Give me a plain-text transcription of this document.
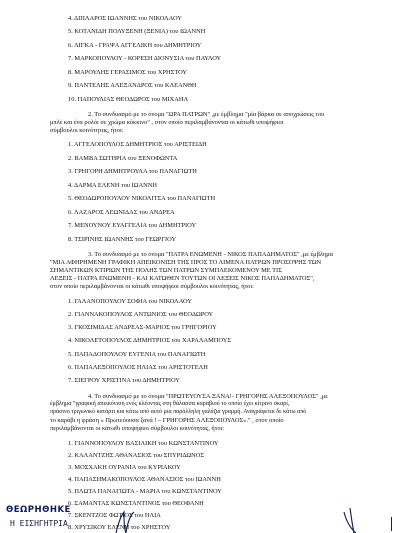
4. ΔΙΠΛΑΡΟΣ ΙΩΑΝΝΗΣ του ΝΙΚΟΛΑΟΥ
5. ΚΟΤΑΝΙΔΗ ΠΟΛΥΞΕΝΗ (ΞΕΝΙΑ) του ΙΩΑΝΝΗ
6. ΛΙΓΚΑ - ΓΡΑΨΑ ΑΓΓΕΛΙΚΗ του ΔΗΜΗΤΡΙΟΥ
7. ΜΑΡΚΟΠΟΥΛΟΥ - ΚΟΡΕΣΗ ΔΙΟΝΥΣΙΑ του ΠΑΥΛΟΥ
8. ΜΑΡΟΥΛΗΣ ΓΕΡΑΣΙΜΟΣ του ΧΡΗΣΤΟΥ
9. ΠΑΝΤΕΛΗΣ ΑΛΕΞΑΝΔΡΟΣ του ΚΛΕΑΝΘΗ
10. ΠΑΠΟΥΛΙΑΣ ΘΕΟΔΩΡΟΣ του ΜΙΧΑΗΛ
2. Το συνδυασμό με το όνομα "ΩΡΑ ΠΑΤΡΩΝ" ,με έμβλημα "μία βάρκα σε αποχρώσεις του
μπλε και ένα ρολόι σε χρώμα κόκκινο" , στον οποίο περιλαμβάνονται οι κάτωθι υποψήφιοι
σύμβουλοι κοινότητας, ήτοι:
1. ΑΓΓΕΛΟΠΟΥΛΟΣ ΔΗΜΗΤΡΙΟΣ του ΑΡΙΣΤΕΙΔΗ
2. ΒΑΜΒΑ ΣΩΤΗΡΙΑ του ΞΕΝΟΦΩΝΤΑ
3. ΓΡΗΓΟΡΗ ΔΗΜΗΤΡΟΥΛΑ του ΠΑΝΑΓΙΩΤΗ
4. ΔΑΡΜΑ ΕΛΕΝΗ του ΙΩΑΝΝΗ
5. ΘΕΟΔΩΡΟΠΟΥΛΟΥ ΝΙΚΟΛΙΤΣΑ του ΠΑΝΑΓΙΩΤΗ
6. ΛΑΖΑΡΟΣ ΛΕΩΝΙΔΑΣ του ΑΝΔΡΕΑ
7. ΜΕΝΟΥΝΟΥ ΕΥΑΓΓΕΛΙΑ του ΔΗΜΗΤΡΙΟΥ
8. ΤΣΙΡΙΝΗΣ ΙΩΑΝΝΗΣ του ΓΕΩΡΓΙΟΥ
3. Το συνδυασμό με το όνομα "ΠΑΤΡΑ ΕΝΩΜΕΝΗ - ΝΙΚΟΣ ΠΑΠΑΔΗΜΑΤΟΣ" ,με έμβλημα
"ΜΙΑ ΑΦΗΡΗΜΕΝΗ ΓΡΑΦΙΚΗ ΑΠΕΙΚΟΝΙΣΗ ΤΗΣ ΠΡΟΣ ΤΟ ΛΙΜΕΝΑ ΠΑΤΡΩΝ ΠΡΟΣΟΨΗΣ ΤΩΝ
ΣΗΜΑΝΤΙΚΩΝ ΚΤΙΡΙΩΝ ΤΗΣ ΠΟΛΗΣ ΤΩΝ ΠΑΤΡΩΝ ΣΥΜΠΛΕΚΟΜΕΝΟΥ ΜΕ ΤΙΣ
ΛΕΞΕΙΣ - ΠΑΤΡΑ ΕΝΩΜΕΝΗ - ΚΑΙ ΚΑΤΩΘΕΝ ΤΟΥΤΩΝ ΟΙ ΛΕΞΕΙΣ ΝΙΚΟΣ ΠΑΠΑΔΗΜΑΤΟΣ",
στον οποίο περιλαμβάνονται οι κάτωθι υποψήφιοι σύμβουλοι κοινότητας, ήτοι:
1. ΓΑΛΑΝΟΠΟΥΛΟΥ ΣΟΦΙΑ του ΝΙΚΟΛΑΟΥ
2. ΓΙΑΝΝΑΚΟΠΟΥΛΟΣ ΑΝΤΩΝΙΟΣ του ΘΕΟΔΩΡΟΥ
3. ΓΚΟΣΙΜΙΔΑΣ ΑΝΔΡΕΑΣ-ΜΑΡΙΟΣ του ΓΡΗΓΟΡΙΟΥ
4. ΝΙΚΟΛΕΤΟΠΟΥΛΟΣ ΔΗΜΗΤΡΙΟΣ του ΧΑΡΑΛΑΜΠΟΥΣ
5. ΠΑΠΑΔΟΠΟΥΛΟΥ ΕΥΓΕΝΙΑ του ΠΑΝΑΓΙΩΤΗ
6. ΠΑΠΑΛΕΞΟΠΟΥΛΟΣ ΗΛΙΑΣ του ΑΡΙΣΤΟΤΕΛΗ
7. ΣΙΕΓΡΟΥ ΧΡΙΣΤΙΝΑ του ΔΗΜΗΤΡΙΟΥ
4. Το συνδυασμό με το όνομα "ΠΡΩΤΕΥΟΥΣΑ ΞΑΝΑ!- ΓΡΗΓΟΡΗΣ ΑΛΕΞΟΠΟΥΛΟΣ" ,με
έμβλημα "γραφική απεικόνιση ενός κλέοντας στη θάλασσα καραβιού το οποίο έχει κίτρινο σκαρί,
πράσινο τριγωνικό κατάρτι και κάτω από αυτό μια παράλληλη γαλάζια γραμμή. Αναγράφεται δε κάτω από
το καράβι η φράση « Πρωτεύουσα ξανά ! – ΓΡΗΓΟΡΗΣ ΑΛΕΞΟΠΟΥΛΟΣ»." , στον οποίο
περιλαμβάνονται οι κάτωθι υποψήφιοι σύμβουλοι κοινότητας, ήτοι:
1. ΓΙΑΝΝΟΠΟΥΛΟΥ ΒΑΣΙΛΙΚΗ του ΚΩΝΣΤΑΝΤΙΝΟΥ
2. ΚΑΛΑΝΤΖΗΣ ΑΘΑΝΑΣΙΟΣ του ΣΠΥΡΙΔΩΝΟΣ
3. ΜΟΣΧΑΚΗ ΟΥΡΑΝΙΑ του ΚΥΡΙΑΚΟΥ
4. ΠΑΠΑΣΗΜΑΚΟΠΟΥΛΟΣ ΑΘΑΝΑΣΙΟΣ του ΙΩΑΝΝΗ
5. ΠΛΩΤΑ ΠΑΝΑΓΙΩΤΑ - ΜΑΡΙΑ του ΚΩΝΣΤΑΝΤΙΝΟΥ
6. ΣΑΜΑΝΤΑΣ ΚΩΝΣΤΑΝΤΙΝΟΣ του ΘΕΟΦΑΝΗ
7. ΣΚΕΝΤΖΟΣ ΦΩΤΙΟΣ του ΗΛΙΑ
8. ΧΡΥΣΙΚΟΥ ΕΛΕΝΗ του ΧΡΗΣΤΟΥ
ΘΕΩΡΗΘΗΚΕ
Η ΕΙΣΗΓΗΤΡΙΑ
